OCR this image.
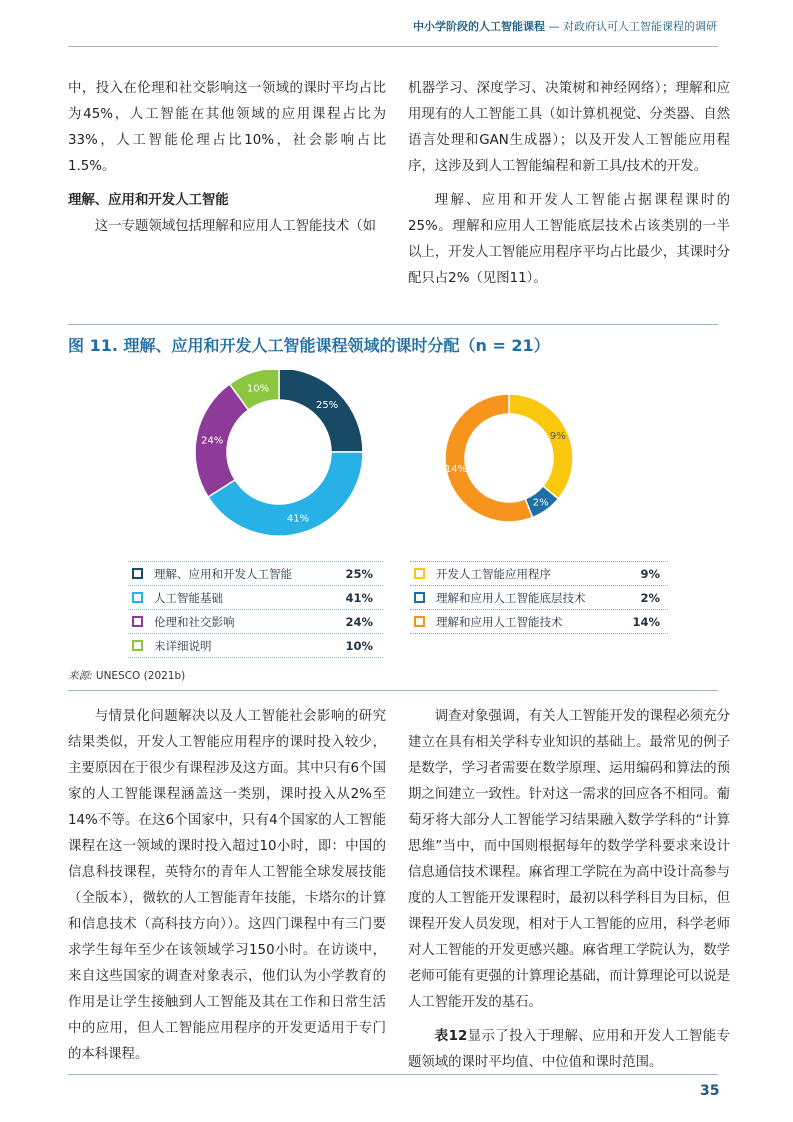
中小学阶段的人工智能课程 — 对政府认可人工智能课程的调研

中，投入在伦理和社交影响这一领域的课时平均占比为45%，人工智能在其他领域的应用课程占比为33%，人工智能伦理占比10%，社会影响占比1.5%。

理解、应用和开发人工智能

这一专题领域包括理解和应用人工智能技术（如

机器学习、深度学习、决策树和神经网络）；理解和应用现有的人工智能工具（如计算机视觉、分类器、自然语言处理和GAN生成器）；以及开发人工智能应用程序，这涉及到人工智能编程和新工具/技术的开发。

理解、应用和开发人工智能占据课程课时的25%。理解和应用人工智能底层技术占该类别的一半以上，开发人工智能应用程序平均占比最少，其课时分配只占2%（见图11）。

图 11. 理解、应用和开发人工智能课程领域的课时分配（n = 21）
25%
41%
24%
10%
9%
2%
14%
理解、应用和开发人工智能	25%
人工智能基础	41%
伦理和社交影响	24%
未详细说明	10%
开发人工智能应用程序	9%
理解和应用人工智能底层技术	2%
理解和应用人工智能技术	14%
来源: UNESCO (2021b)

与情景化问题解决以及人工智能社会影响的研究结果类似，开发人工智能应用程序的课时投入较少，主要原因在于很少有课程涉及这方面。其中只有6个国家的人工智能课程涵盖这一类别，课时投入从2%至14%不等。在这6个国家中，只有4个国家的人工智能课程在这一领域的课时投入超过10小时，即：中国的信息科技课程，英特尔的青年人工智能全球发展技能（全版本），微软的人工智能青年技能，卡塔尔的计算和信息技术（高科技方向））。这四门课程中有三门要求学生每年至少在该领域学习150小时。在访谈中，来自这些国家的调查对象表示，他们认为小学教育的作用是让学生接触到人工智能及其在工作和日常生活中的应用，但人工智能应用程序的开发更适用于专门的本科课程。

调查对象强调，有关人工智能开发的课程必须充分建立在具有相关学科专业知识的基础上。最常见的例子是数学，学习者需要在数学原理、运用编码和算法的预期之间建立一致性。针对这一需求的回应各不相同。葡萄牙将大部分人工智能学习结果融入数学学科的“计算思维”当中，而中国则根据每年的数学学科要求来设计信息通信技术课程。麻省理工学院在为高中设计高参与度的人工智能开发课程时，最初以科学科目为目标，但课程开发人员发现，相对于人工智能的应用，科学老师对人工智能的开发更感兴趣。麻省理工学院认为，数学老师可能有更强的计算理论基础，而计算理论可以说是人工智能开发的基石。

表12显示了投入于理解、应用和开发人工智能专题领域的课时平均值、中位值和课时范围。

35
